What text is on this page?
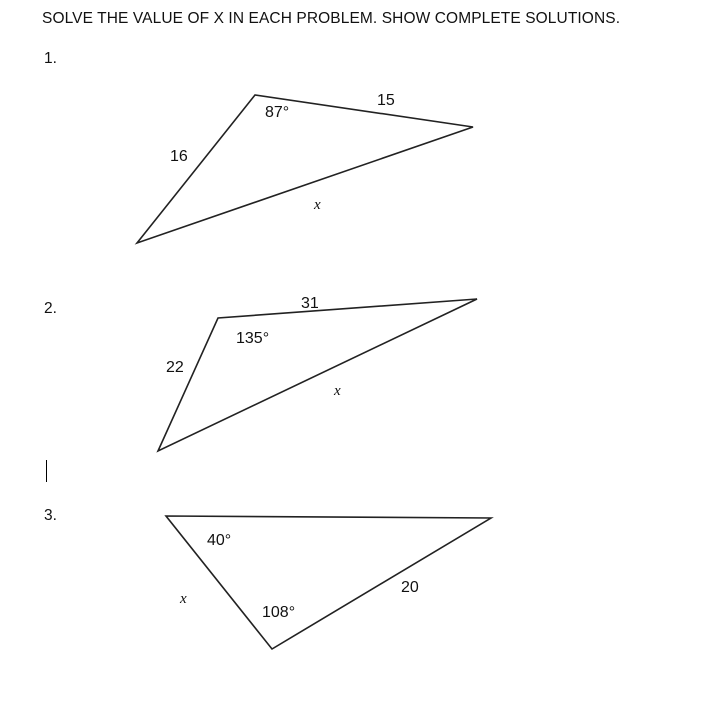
SOLVE THE VALUE OF X IN EACH PROBLEM. SHOW COMPLETE SOLUTIONS.
1.
2.
3.
16
15
87°
x
22
31
135°
x
40°
108°
20
x
